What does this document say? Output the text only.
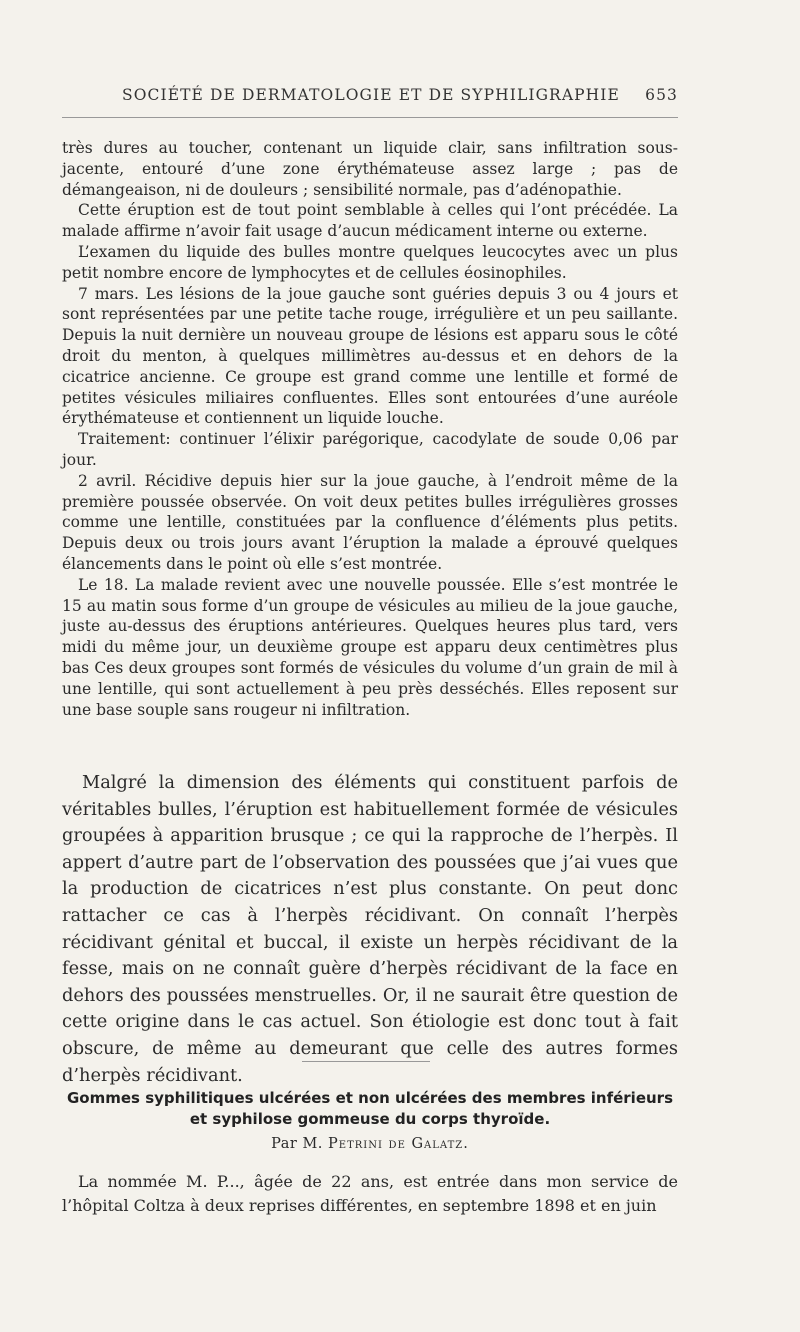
SOCIÉTÉ DE DERMATOLOGIE ET DE SYPHILIGRAPHIE 653

très dures au toucher, contenant un liquide clair, sans infiltration sous-jacente, entouré d’une zone érythémateuse assez large ; pas de démangeaison, ni de douleurs ; sensibilité normale, pas d’adénopathie.

Cette éruption est de tout point semblable à celles qui l’ont précédée. La malade affirme n’avoir fait usage d’aucun médicament interne ou externe.

L’examen du liquide des bulles montre quelques leucocytes avec un plus petit nombre encore de lymphocytes et de cellules éosinophiles.

7 mars. Les lésions de la joue gauche sont guéries depuis 3 ou 4 jours et sont représentées par une petite tache rouge, irrégulière et un peu saillante. Depuis la nuit dernière un nouveau groupe de lésions est apparu sous le côté droit du menton, à quelques millimètres au-dessus et en dehors de la cicatrice ancienne. Ce groupe est grand comme une lentille et formé de petites vésicules miliaires confluentes. Elles sont entourées d’une auréole érythémateuse et contiennent un liquide louche.

Traitement: continuer l’élixir parégorique, cacodylate de soude 0,06 par jour.

2 avril. Récidive depuis hier sur la joue gauche, à l’endroit même de la première poussée observée. On voit deux petites bulles irrégulières grosses comme une lentille, constituées par la confluence d’éléments plus petits. Depuis deux ou trois jours avant l’éruption la malade a éprouvé quelques élancements dans le point où elle s’est montrée.

Le 18. La malade revient avec une nouvelle poussée. Elle s’est montrée le 15 au matin sous forme d’un groupe de vésicules au milieu de la joue gauche, juste au-dessus des éruptions antérieures. Quelques heures plus tard, vers midi du même jour, un deuxième groupe est apparu deux centimètres plus bas Ces deux groupes sont formés de vésicules du volume d’un grain de mil à une lentille, qui sont actuellement à peu près desséchés. Elles reposent sur une base souple sans rougeur ni infiltration.

Malgré la dimension des éléments qui constituent parfois de véritables bulles, l’éruption est habituellement formée de vésicules groupées à apparition brusque ; ce qui la rapproche de l’herpès. Il appert d’autre part de l’observation des poussées que j’ai vues que la production de cicatrices n’est plus constante. On peut donc rattacher ce cas à l’herpès récidivant. On connaît l’herpès récidivant génital et buccal, il existe un herpès récidivant de la fesse, mais on ne connaît guère d’herpès récidivant de la face en dehors des poussées menstruelles. Or, il ne saurait être question de cette origine dans le cas actuel. Son étiologie est donc tout à fait obscure, de même au demeurant que celle des autres formes d’herpès récidivant.

Gommes syphilitiques ulcérées et non ulcérées des membres inférieurs et syphilose gommeuse du corps thyroïde.
Par M. Petrini de Galatz.

La nommée M. P..., âgée de 22 ans, est entrée dans mon service de l’hôpital Coltza à deux reprises différentes, en septembre 1898 et en juin
